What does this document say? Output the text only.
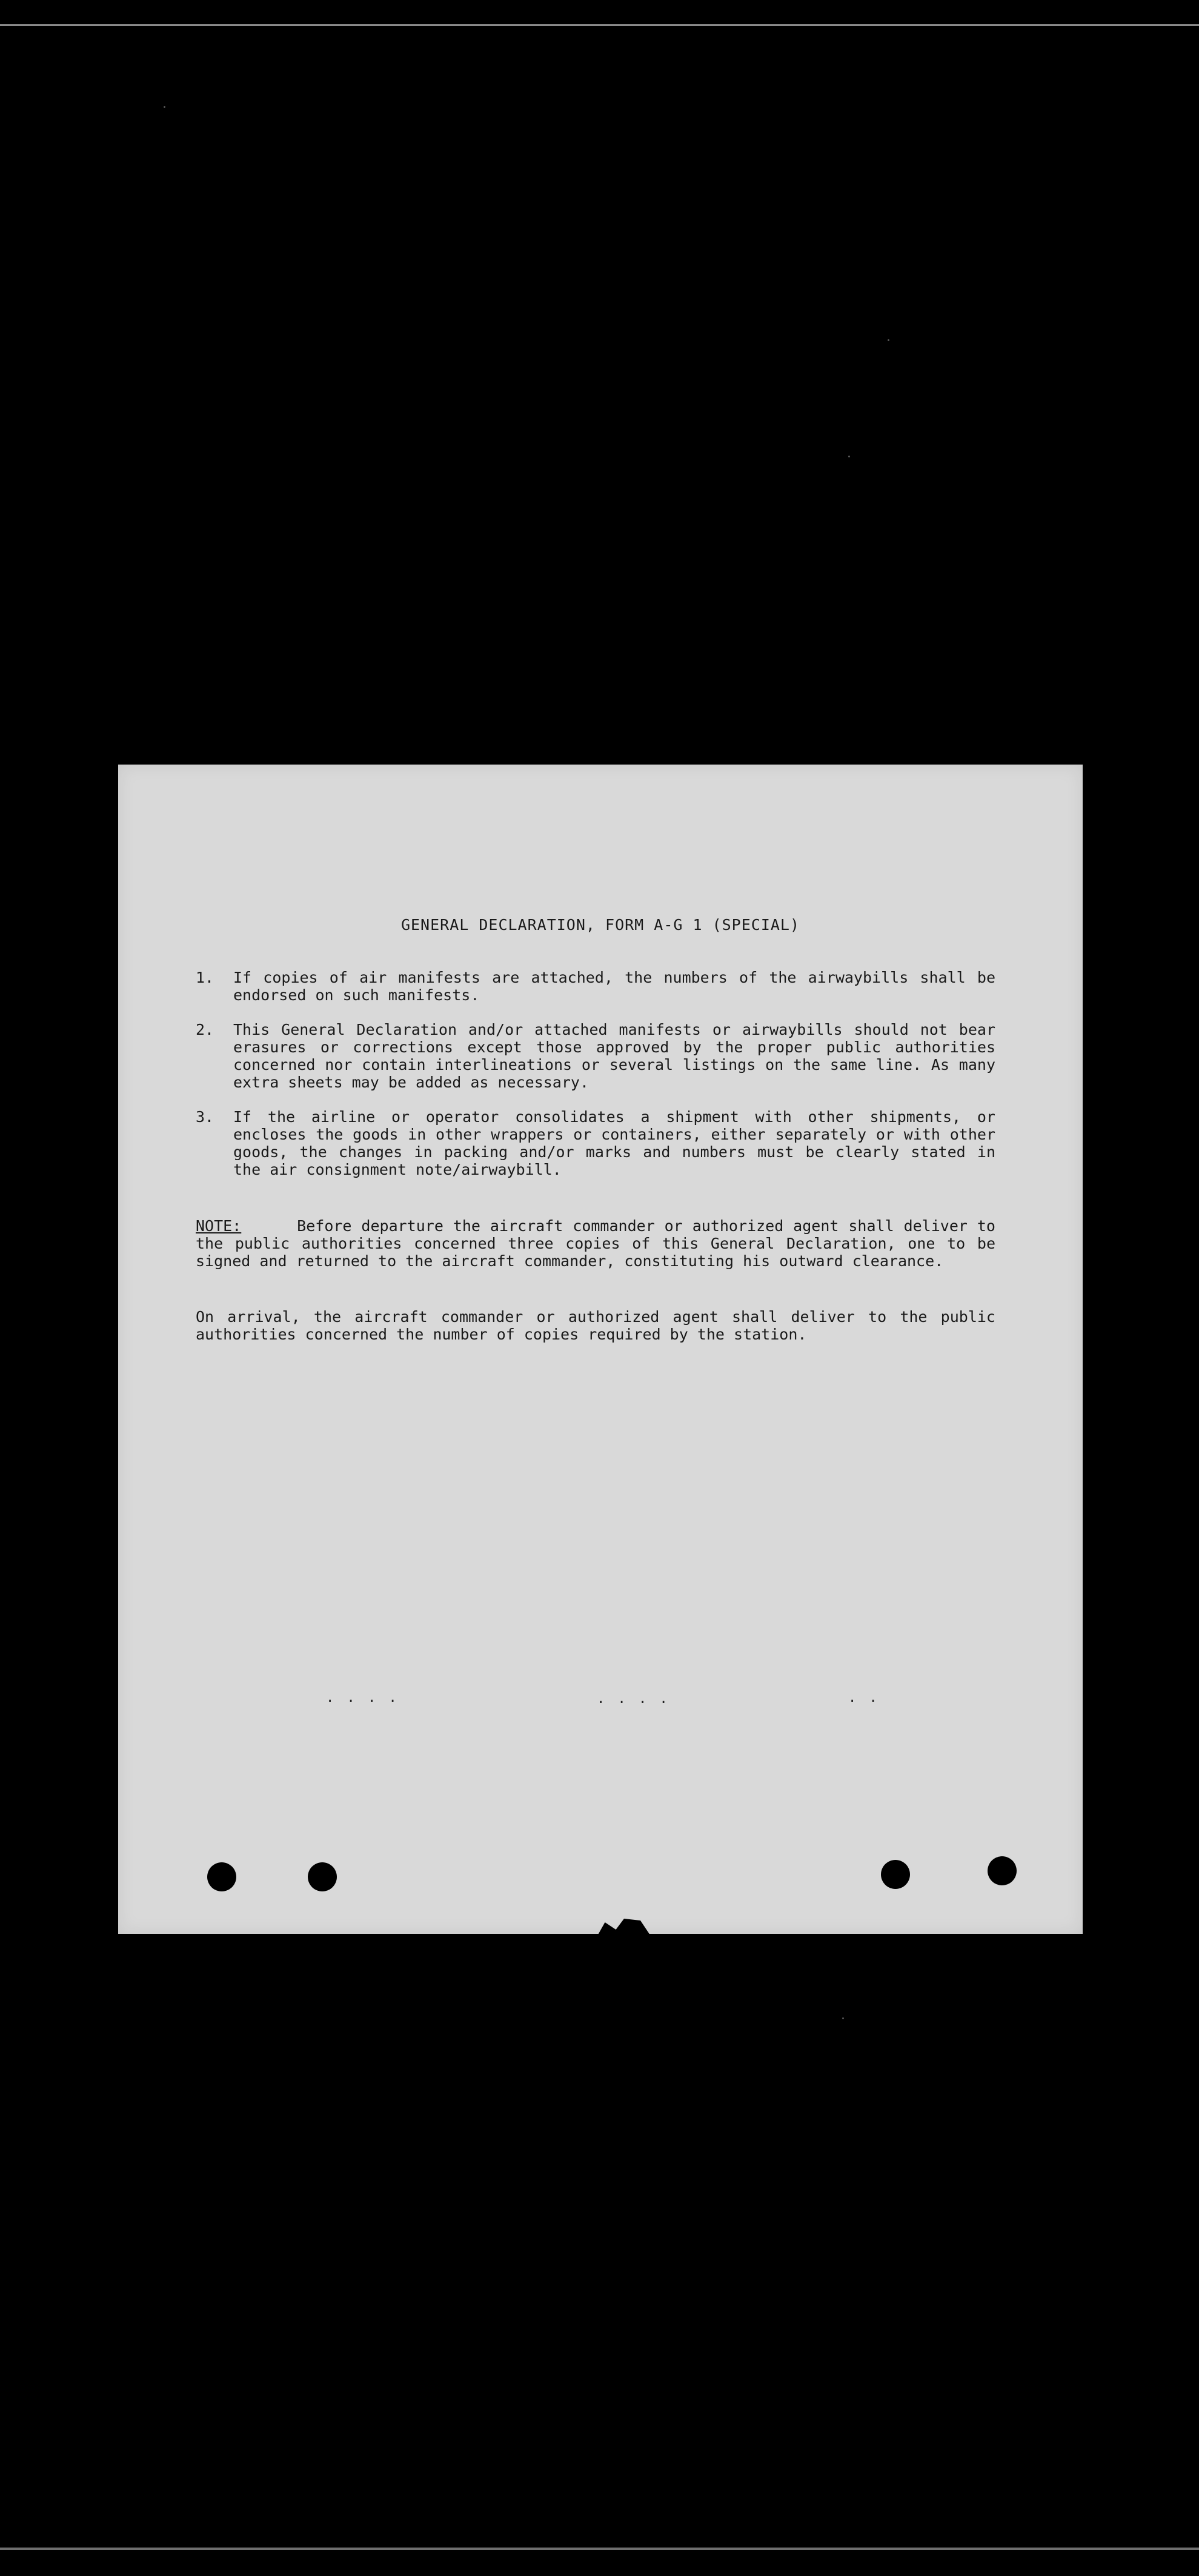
GENERAL DECLARATION, FORM A-G 1 (SPECIAL)
1.	If copies of air manifests are attached, the numbers of the airwaybills shall be endorsed on such manifests.
2.	This General Declaration and/or attached manifests or airwaybills should not bear erasures or corrections except those approved by the proper public authorities concerned nor contain interlineations or several listings on the same line. As many extra sheets may be added as necessary.
3.	If the airline or operator consolidates a shipment with other shipments, or encloses the goods in other wrappers or containers, either separately or with other goods, the changes in packing and/or marks and numbers must be clearly stated in the air consignment note/airwaybill.

NOTE:	Before departure the aircraft commander or authorized agent shall deliver to the public authorities concerned three copies of this General Declaration, one to be signed and returned to the aircraft commander, constituting his outward clearance.

On arrival, the aircraft commander or authorized agent shall deliver to the public authorities concerned the number of copies required by the station.

. . . .	. . . .	. .
